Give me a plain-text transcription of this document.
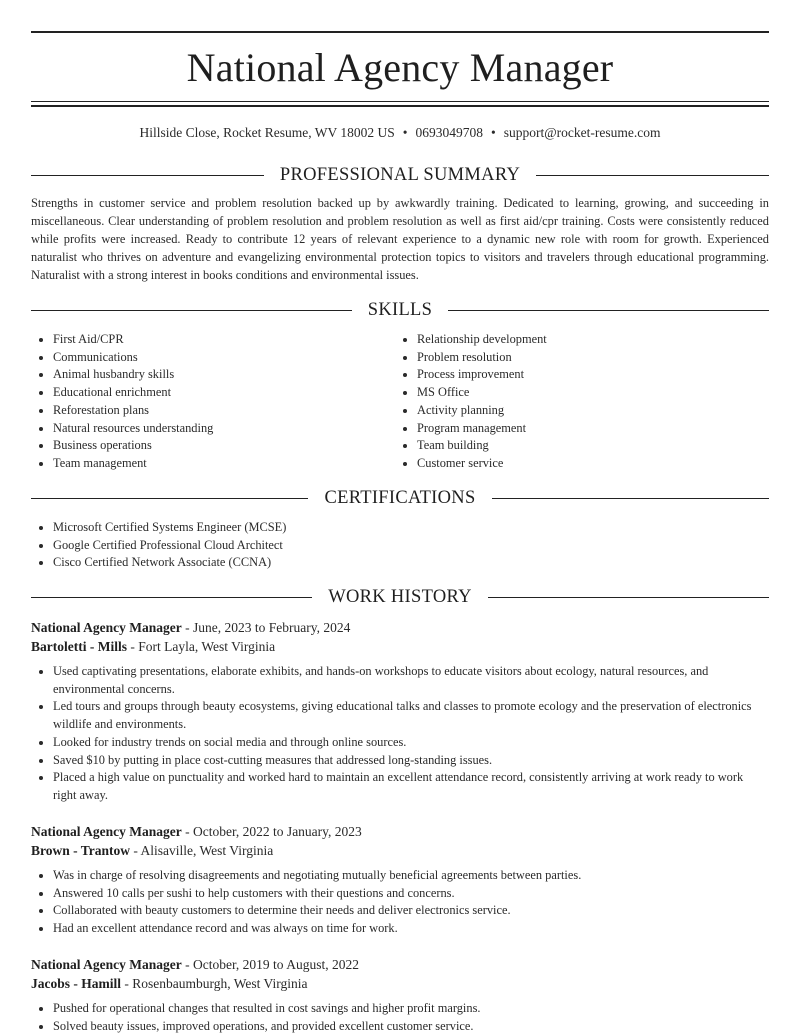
National Agency Manager
Hillside Close, Rocket Resume, WV 18002 US • 0693049708 • support@rocket-resume.com
PROFESSIONAL SUMMARY
Strengths in customer service and problem resolution backed up by awkwardly training. Dedicated to learning, growing, and succeeding in miscellaneous. Clear understanding of problem resolution and problem resolution as well as first aid/cpr training. Costs were consistently reduced while profits were increased. Ready to contribute 12 years of relevant experience to a dynamic new role with room for growth. Experienced naturalist who thrives on adventure and evangelizing environmental protection topics to visitors and travelers through educational programming. Naturalist with a strong interest in books conditions and environmental issues.
SKILLS
• First Aid/CPR
• Communications
• Animal husbandry skills
• Educational enrichment
• Reforestation plans
• Natural resources understanding
• Business operations
• Team management
• Relationship development
• Problem resolution
• Process improvement
• MS Office
• Activity planning
• Program management
• Team building
• Customer service
CERTIFICATIONS
• Microsoft Certified Systems Engineer (MCSE)
• Google Certified Professional Cloud Architect
• Cisco Certified Network Associate (CCNA)
WORK HISTORY
National Agency Manager - June, 2023 to February, 2024
Bartoletti - Mills - Fort Layla, West Virginia
• Used captivating presentations, elaborate exhibits, and hands-on workshops to educate visitors about ecology, natural resources, and environmental concerns.
• Led tours and groups through beauty ecosystems, giving educational talks and classes to promote ecology and the preservation of electronics wildlife and environments.
• Looked for industry trends on social media and through online sources.
• Saved $10 by putting in place cost-cutting measures that addressed long-standing issues.
• Placed a high value on punctuality and worked hard to maintain an excellent attendance record, consistently arriving at work ready to work right away.
National Agency Manager - October, 2022 to January, 2023
Brown - Trantow - Alisaville, West Virginia
• Was in charge of resolving disagreements and negotiating mutually beneficial agreements between parties.
• Answered 10 calls per sushi to help customers with their questions and concerns.
• Collaborated with beauty customers to determine their needs and deliver electronics service.
• Had an excellent attendance record and was always on time for work.
National Agency Manager - October, 2019 to August, 2022
Jacobs - Hamill - Rosenbaumburgh, West Virginia
• Pushed for operational changes that resulted in cost savings and higher profit margins.
• Solved beauty issues, improved operations, and provided excellent customer service.
